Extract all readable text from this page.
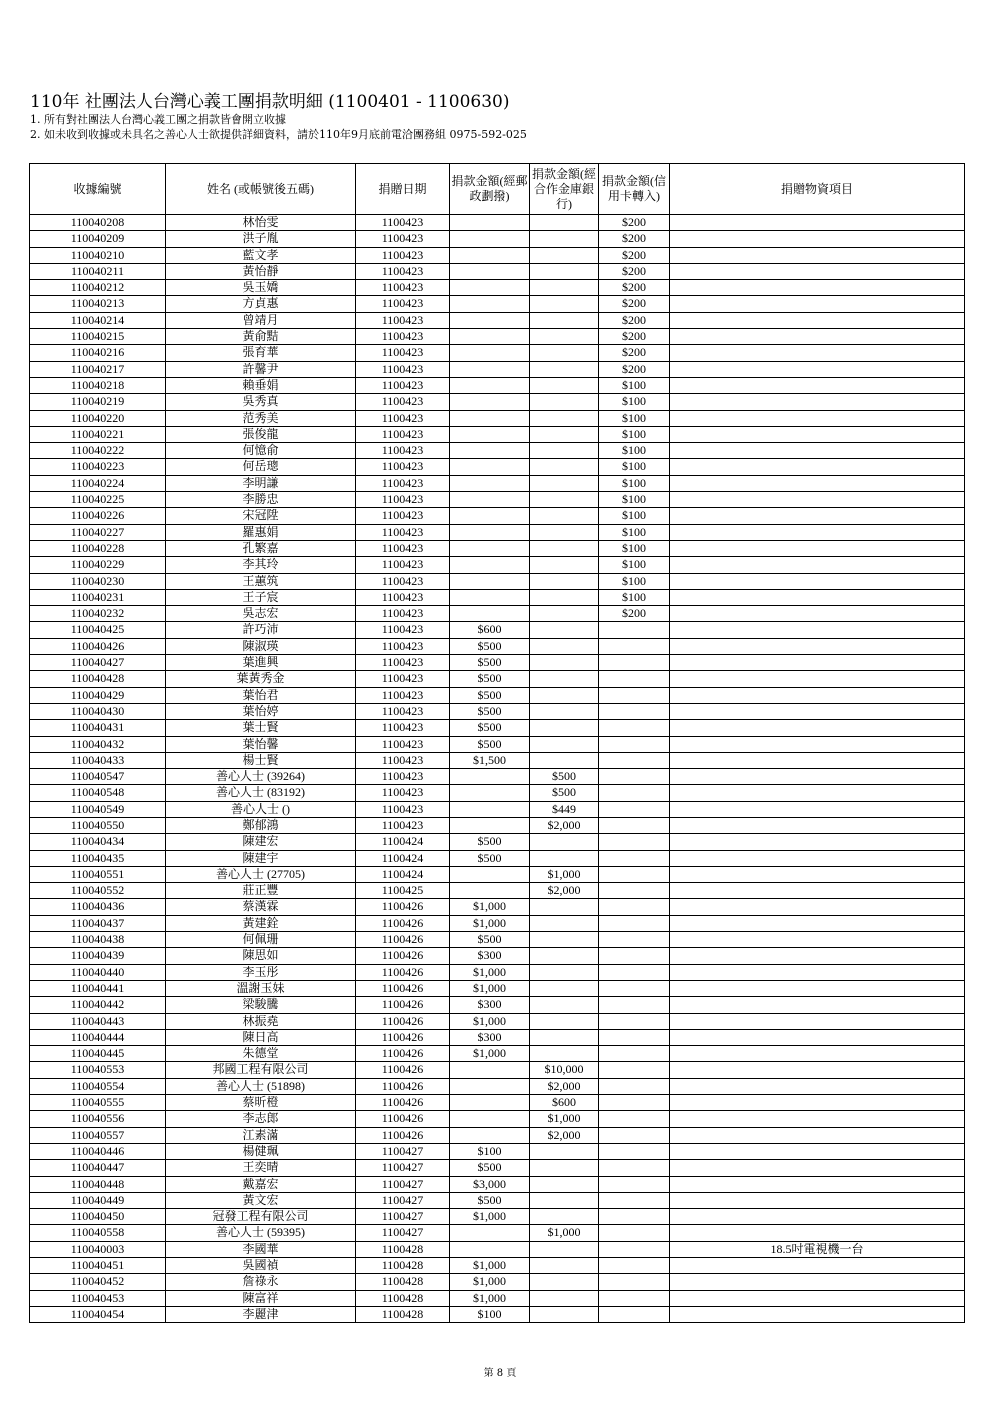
110年 社團法人台灣心義工團捐款明細 (1100401 - 1100630)
1. 所有對社團法人台灣心義工團之捐款皆會開立收據
2. 如未收到收據或未具名之善心人士欲提供詳細資料，請於110年9月底前電洽團務組 0975-592-025
收據編號	姓名 (或帳號後五碼)	捐贈日期	捐款金額(經郵政劃撥)	捐款金額(經合作金庫銀行)	捐款金額(信用卡轉入)	捐贈物資項目
110040208	林怡雯	1100423			$200	
110040209	洪子胤	1100423			$200	
110040210	藍文孝	1100423			$200	
110040211	黃怡靜	1100423			$200	
110040212	吳玉嬌	1100423			$200	
110040213	方貞惠	1100423			$200	
110040214	曾靖月	1100423			$200	
110040215	黃俞黠	1100423			$200	
110040216	張育華	1100423			$200	
110040217	許馨尹	1100423			$200	
110040218	賴垂娟	1100423			$100	
110040219	吳秀真	1100423			$100	
110040220	范秀美	1100423			$100	
110040221	張俊龍	1100423			$100	
110040222	何憶俞	1100423			$100	
110040223	何岳璁	1100423			$100	
110040224	李明謙	1100423			$100	
110040225	李勝忠	1100423			$100	
110040226	宋冠陞	1100423			$100	
110040227	羅惠娟	1100423			$100	
110040228	孔繁嘉	1100423			$100	
110040229	李其玲	1100423			$100	
110040230	王蕙筑	1100423			$100	
110040231	王子宸	1100423			$100	
110040232	吳志宏	1100423			$200	
110040425	許巧沛	1100423	$600			
110040426	陳淑瑛	1100423	$500			
110040427	葉進興	1100423	$500			
110040428	葉黃秀金	1100423	$500			
110040429	葉怡君	1100423	$500			
110040430	葉怡婷	1100423	$500			
110040431	葉士賢	1100423	$500			
110040432	葉怡馨	1100423	$500			
110040433	楊士賢	1100423	$1,500			
110040547	善心人士 (39264)	1100423		$500		
110040548	善心人士 (83192)	1100423		$500		
110040549	善心人士 ()	1100423		$449		
110040550	鄭郁鴻	1100423		$2,000		
110040434	陳建宏	1100424	$500			
110040435	陳建宇	1100424	$500			
110040551	善心人士 (27705)	1100424		$1,000		
110040552	莊正豐	1100425		$2,000		
110040436	蔡漢霖	1100426	$1,000			
110040437	黃建銓	1100426	$1,000			
110040438	何佩珊	1100426	$500			
110040439	陳思如	1100426	$300			
110040440	李玉彤	1100426	$1,000			
110040441	溫謝玉妹	1100426	$1,000			
110040442	梁駿騰	1100426	$300			
110040443	林振堯	1100426	$1,000			
110040444	陳日高	1100426	$300			
110040445	朱德堂	1100426	$1,000			
110040553	邦國工程有限公司	1100426		$10,000		
110040554	善心人士 (51898)	1100426		$2,000		
110040555	蔡昕橙	1100426		$600		
110040556	李志郎	1100426		$1,000		
110040557	江素滿	1100426		$2,000		
110040446	楊健珮	1100427	$100			
110040447	王奕晴	1100427	$500			
110040448	戴嘉宏	1100427	$3,000			
110040449	黃文宏	1100427	$500			
110040450	冠發工程有限公司	1100427	$1,000			
110040558	善心人士 (59395)	1100427		$1,000		
110040003	李國華	1100428				18.5吋電視機一台
110040451	吳國禎	1100428	$1,000			
110040452	詹祿永	1100428	$1,000			
110040453	陳富祥	1100428	$1,000			
110040454	李麗津	1100428	$100			
第 8 頁
